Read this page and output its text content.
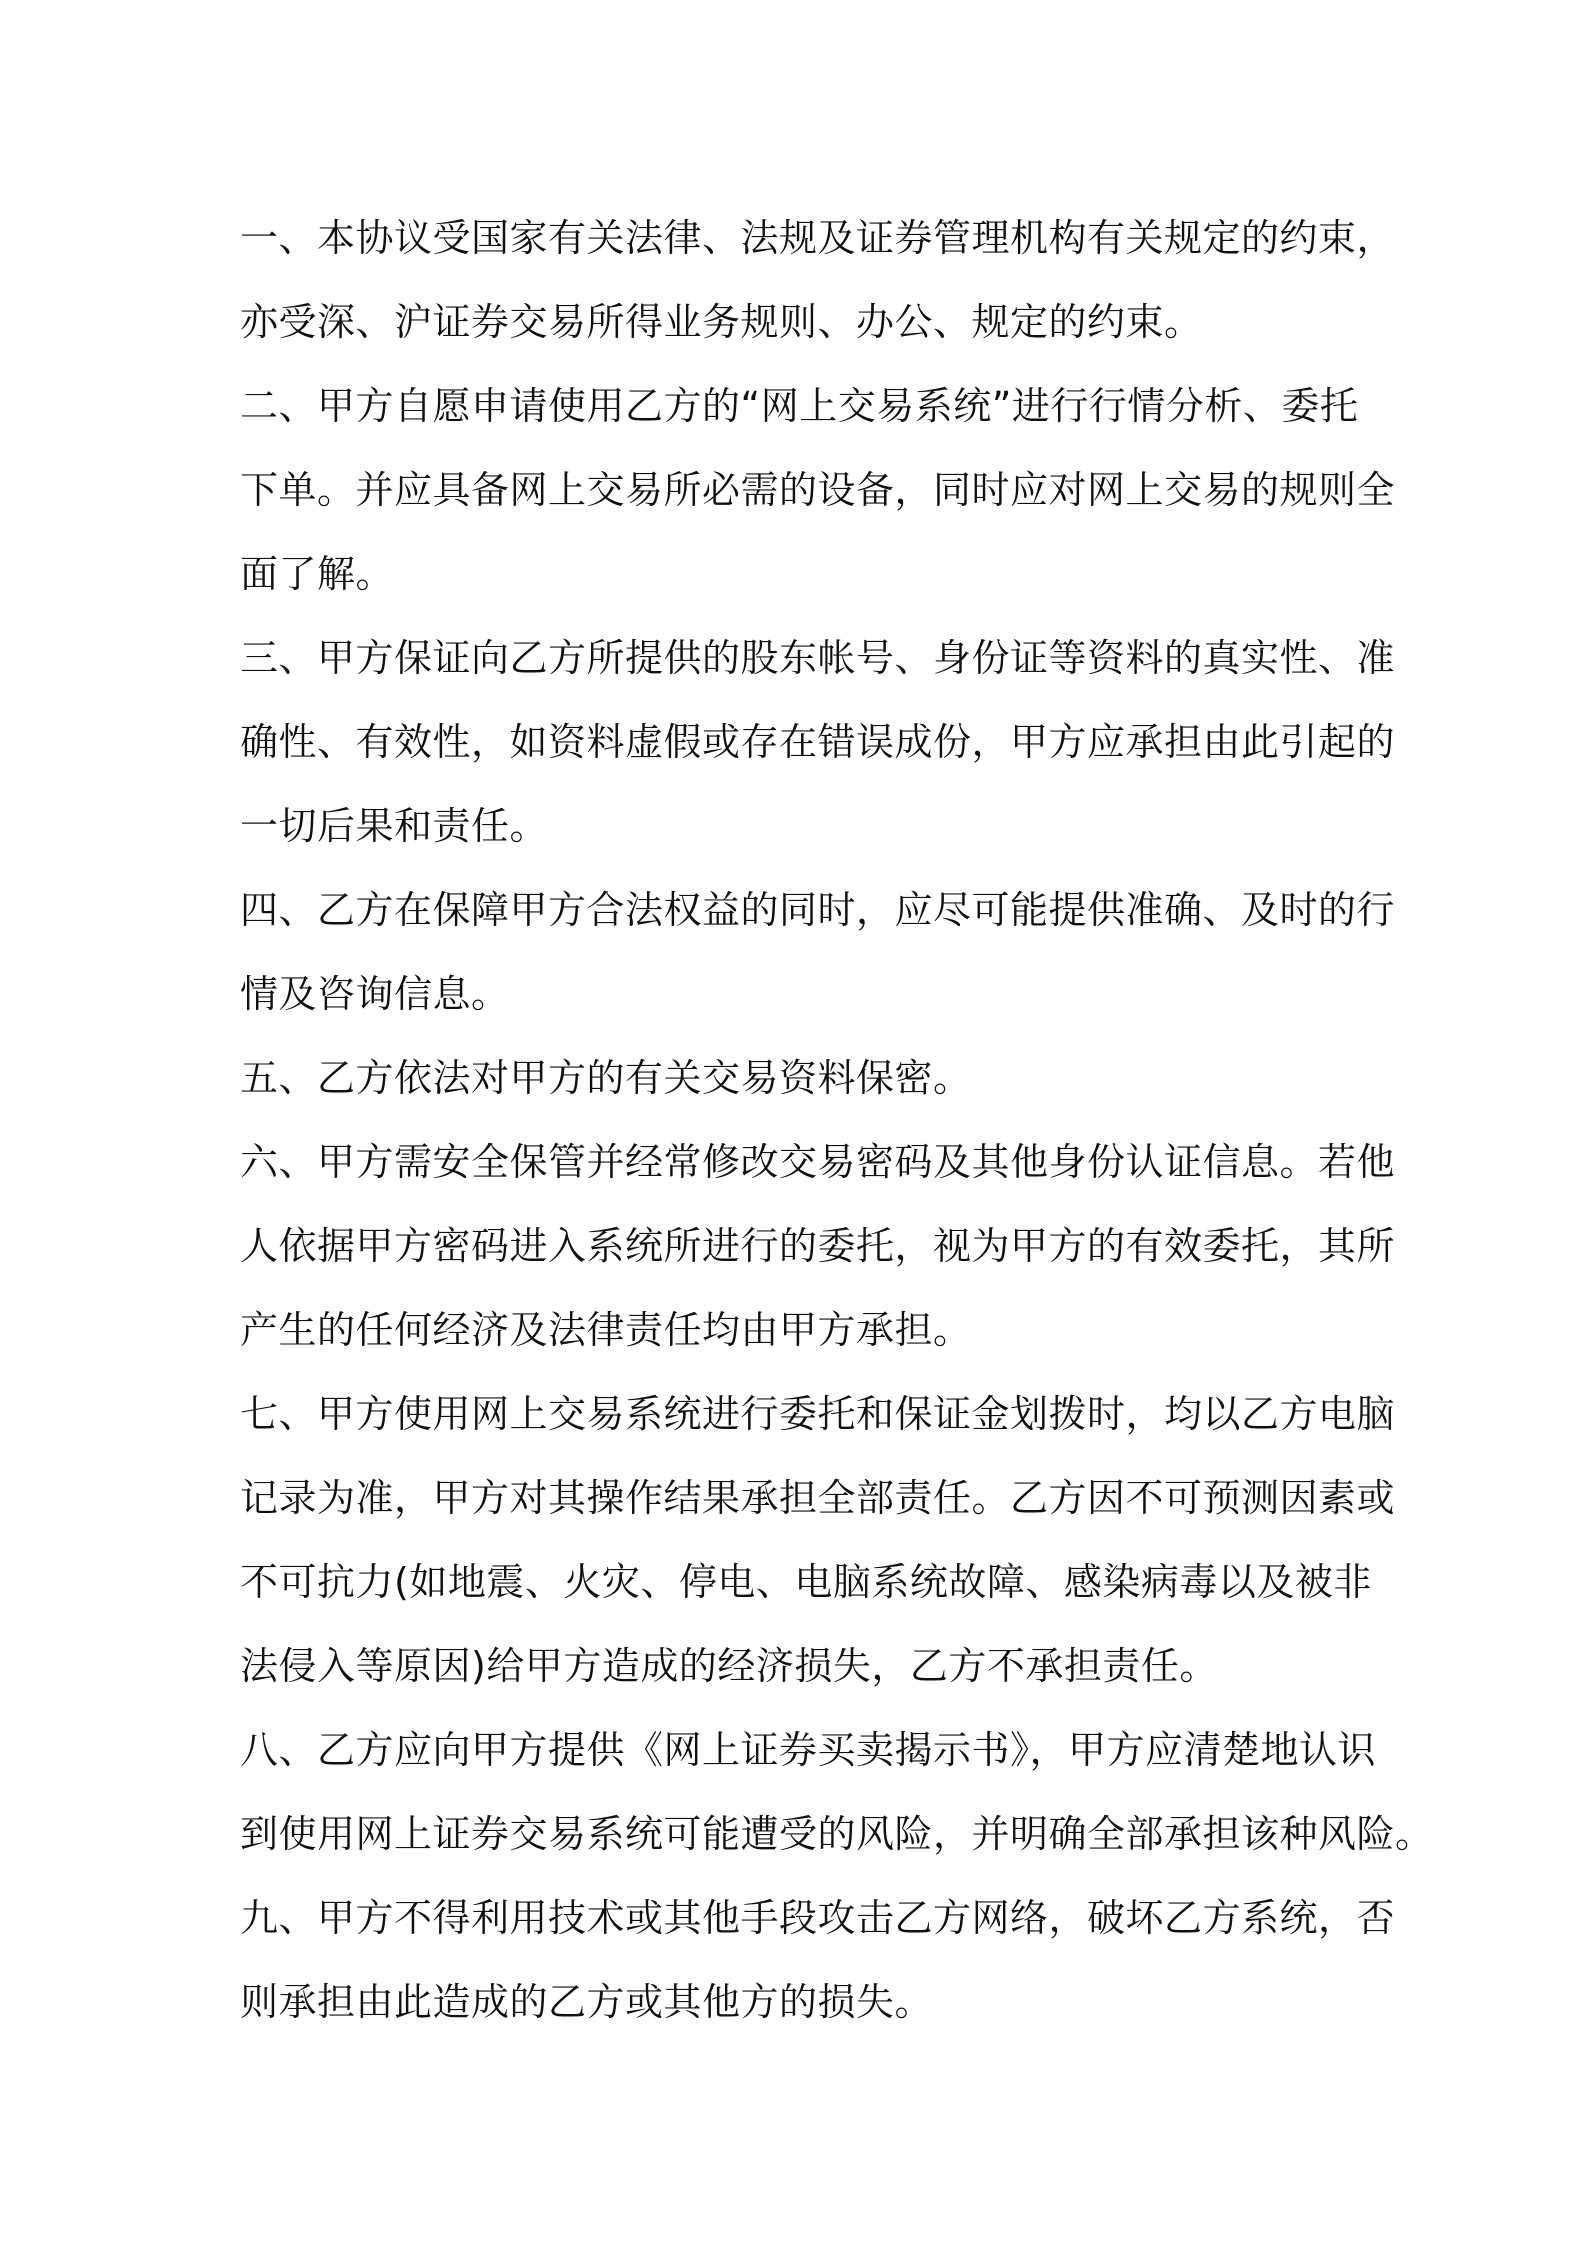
一、本协议受国家有关法律、法规及证券管理机构有关规定的约束，
亦受深、沪证券交易所得业务规则、办公、规定的约束。
二、甲方自愿申请使用乙方的“网上交易系统”进行行情分析、委托
下单。并应具备网上交易所必需的设备，同时应对网上交易的规则全
面了解。
三、甲方保证向乙方所提供的股东帐号、身份证等资料的真实性、准
确性、有效性，如资料虚假或存在错误成份，甲方应承担由此引起的
一切后果和责任。
四、乙方在保障甲方合法权益的同时，应尽可能提供准确、及时的行
情及咨询信息。
五、乙方依法对甲方的有关交易资料保密。
六、甲方需安全保管并经常修改交易密码及其他身份认证信息。若他
人依据甲方密码进入系统所进行的委托，视为甲方的有效委托，其所
产生的任何经济及法律责任均由甲方承担。
七、甲方使用网上交易系统进行委托和保证金划拨时，均以乙方电脑
记录为准，甲方对其操作结果承担全部责任。乙方因不可预测因素或
不可抗力(如地震、火灾、停电、电脑系统故障、感染病毒以及被非
法侵入等原因)给甲方造成的经济损失，乙方不承担责任。
八、乙方应向甲方提供《网上证券买卖揭示书》，甲方应清楚地认识
到使用网上证券交易系统可能遭受的风险，并明确全部承担该种风险。
九、甲方不得利用技术或其他手段攻击乙方网络，破坏乙方系统，否
则承担由此造成的乙方或其他方的损失。
